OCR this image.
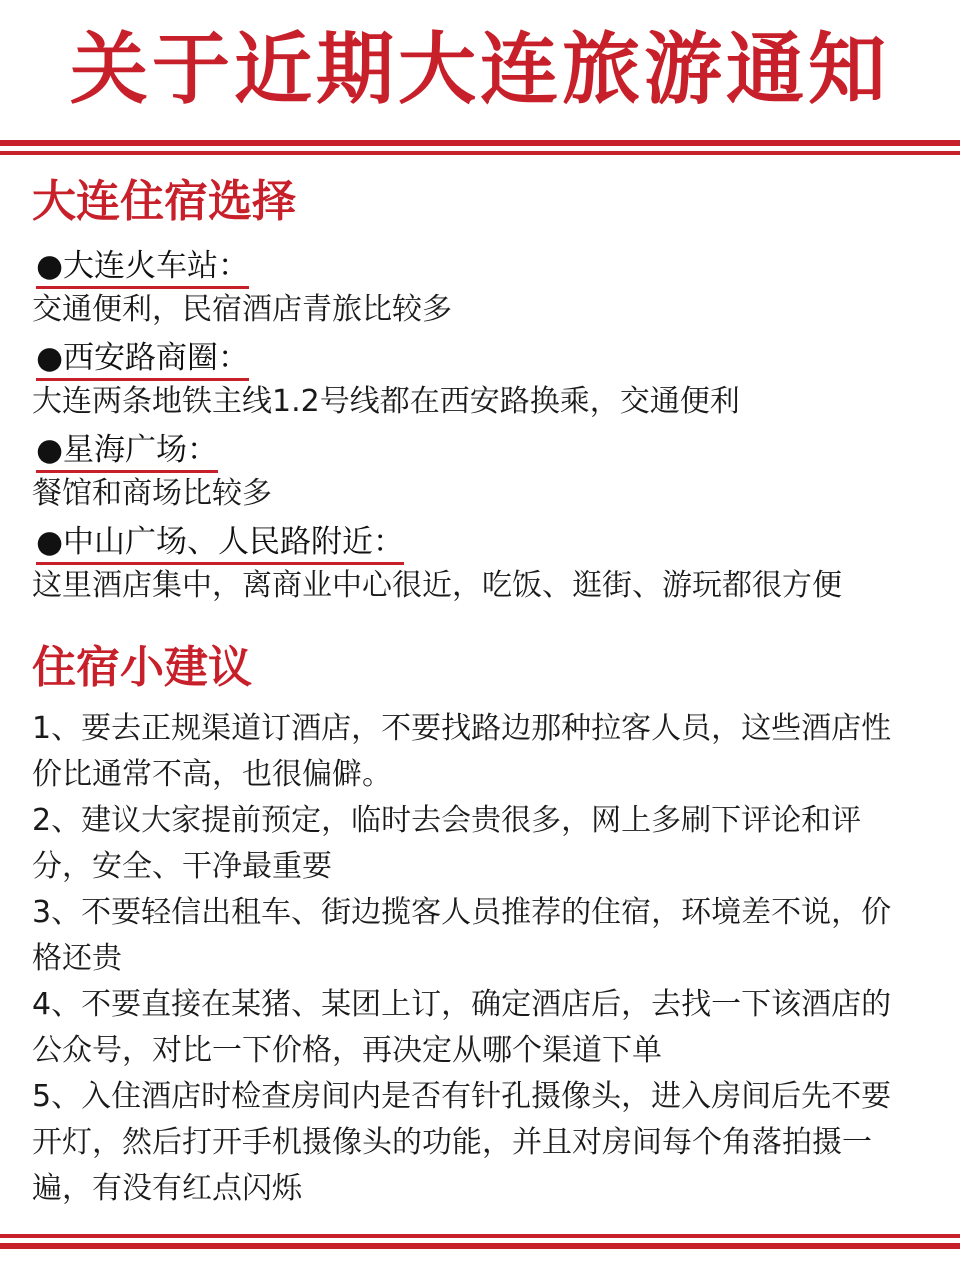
关于近期大连旅游通知
大连住宿选择
●大连火车站：
交通便利，民宿酒店青旅比较多
●西安路商圈：
大连两条地铁主线1.2号线都在西安路换乘，交通便利
●星海广场：
餐馆和商场比较多
●中山广场、人民路附近：
这里酒店集中，离商业中心很近，吃饭、逛街、游玩都很方便
住宿小建议
1、要去正规渠道订酒店，不要找路边那种拉客人员，这些酒店性价比通常不高，也很偏僻。
2、建议大家提前预定，临时去会贵很多，网上多刷下评论和评分，安全、干净最重要
3、不要轻信出租车、街边揽客人员推荐的住宿，环境差不说，价格还贵
4、不要直接在某猪、某团上订，确定酒店后，去找一下该酒店的公众号，对比一下价格，再决定从哪个渠道下单
5、入住酒店时检查房间内是否有针孔摄像头，进入房间后先不要开灯，然后打开手机摄像头的功能，并且对房间每个角落拍摄一遍，有没有红点闪烁
